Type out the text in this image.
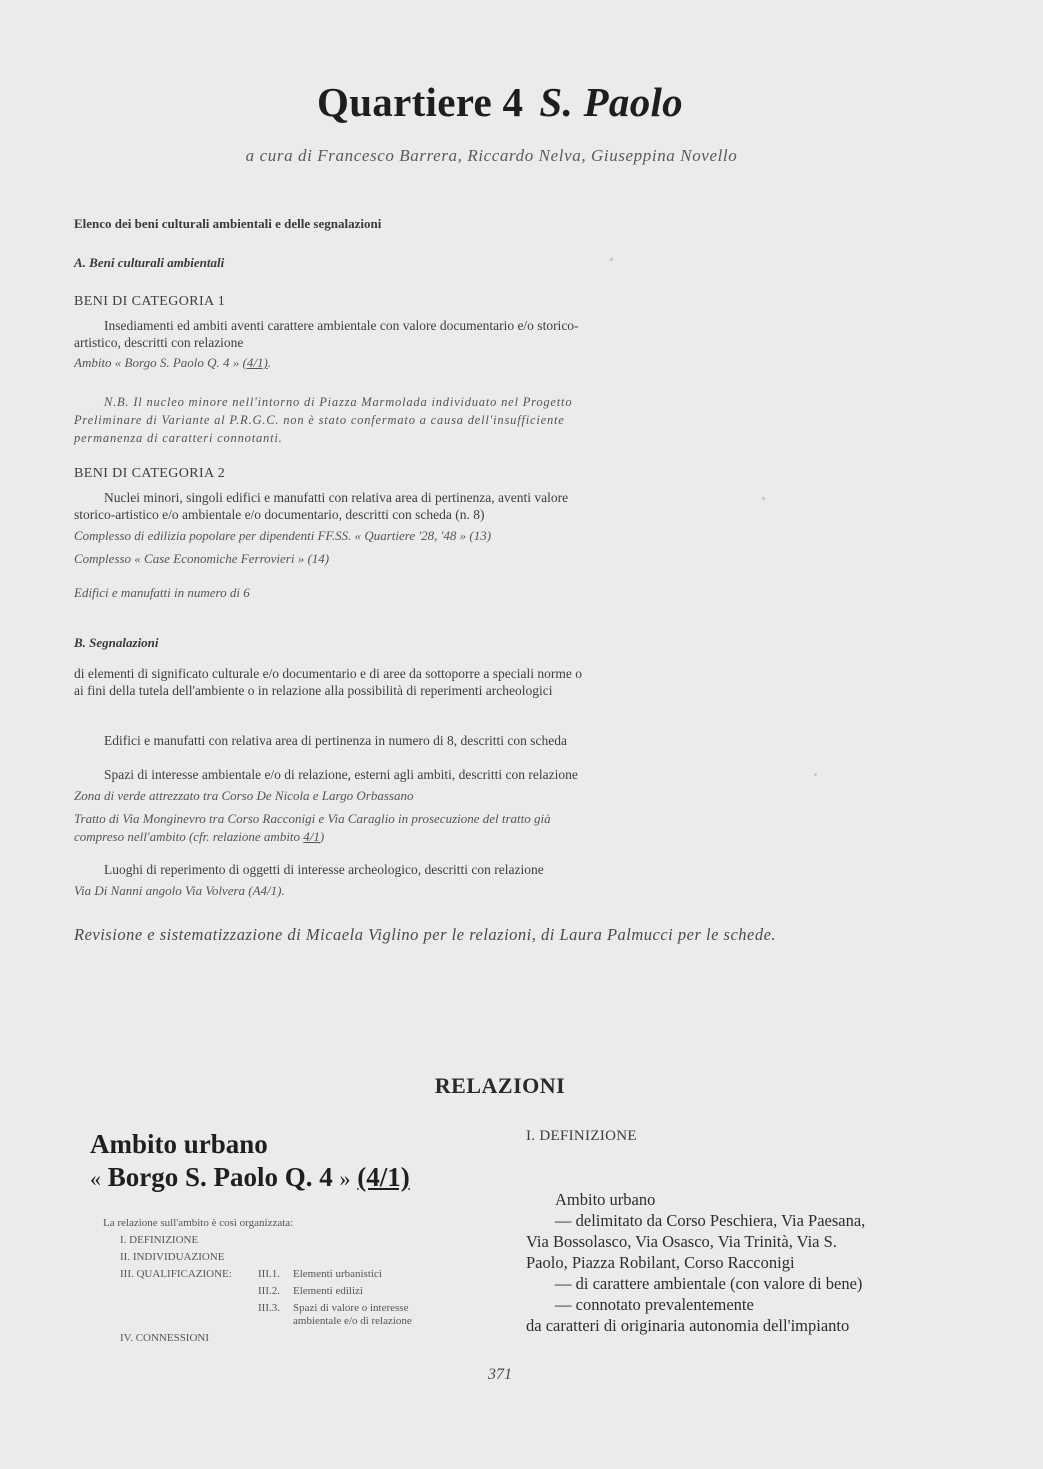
Quartiere 4 S. Paolo
a cura di Francesco Barrera, Riccardo Nelva, Giuseppina Novello
Elenco dei beni culturali ambientali e delle segnalazioni
A. Beni culturali ambientali
BENI DI CATEGORIA 1
Insediamenti ed ambiti aventi carattere ambientale con valore documentario e/o storico-
artistico, descritti con relazione
Ambito « Borgo S. Paolo Q. 4 » (4/1).
N.B. Il nucleo minore nell'intorno di Piazza Marmolada individuato nel Progetto
Preliminare di Variante al P.R.G.C. non è stato confermato a causa dell'insufficiente
permanenza di caratteri connotanti.
BENI DI CATEGORIA 2
Nuclei minori, singoli edifici e manufatti con relativa area di pertinenza, aventi valore
storico-artistico e/o ambientale e/o documentario, descritti con scheda (n. 8)
Complesso di edilizia popolare per dipendenti FF.SS. « Quartiere '28, '48 » (13)
Complesso « Case Economiche Ferrovieri » (14)
Edifici e manufatti in numero di 6
B. Segnalazioni
di elementi di significato culturale e/o documentario e di aree da sottoporre a speciali norme o
ai fini della tutela dell'ambiente o in relazione alla possibilità di reperimenti archeologici
Edifici e manufatti con relativa area di pertinenza in numero di 8, descritti con scheda
Spazi di interesse ambientale e/o di relazione, esterni agli ambiti, descritti con relazione
Zona di verde attrezzato tra Corso De Nicola e Largo Orbassano
Tratto di Via Monginevro tra Corso Racconigi e Via Caraglio in prosecuzione del tratto già
compreso nell'ambito (cfr. relazione ambito 4/1)
Luoghi di reperimento di oggetti di interesse archeologico, descritti con relazione
Via Di Nanni angolo Via Volvera (A4/1).
Revisione e sistematizzazione di Micaela Viglino per le relazioni, di Laura Palmucci per le schede.
RELAZIONI
Ambito urbano
« Borgo S. Paolo Q. 4 » (4/1)
La relazione sull'ambito è così organizzata:
I. DEFINIZIONE
II. INDIVIDUAZIONE
III. QUALIFICAZIONE: III.1. Elementi urbanistici
III.2. Elementi edilizi
III.3. Spazi di valore o interesse
ambientale e/o di relazione
IV. CONNESSIONI
I. DEFINIZIONE
Ambito urbano
— delimitato da Corso Peschiera, Via Paesana,
Via Bossolasco, Via Osasco, Via Trinità, Via S.
Paolo, Piazza Robilant, Corso Racconigi
— di carattere ambientale (con valore di bene)
— connotato prevalentemente
da caratteri di originaria autonomia dell'impianto
371
